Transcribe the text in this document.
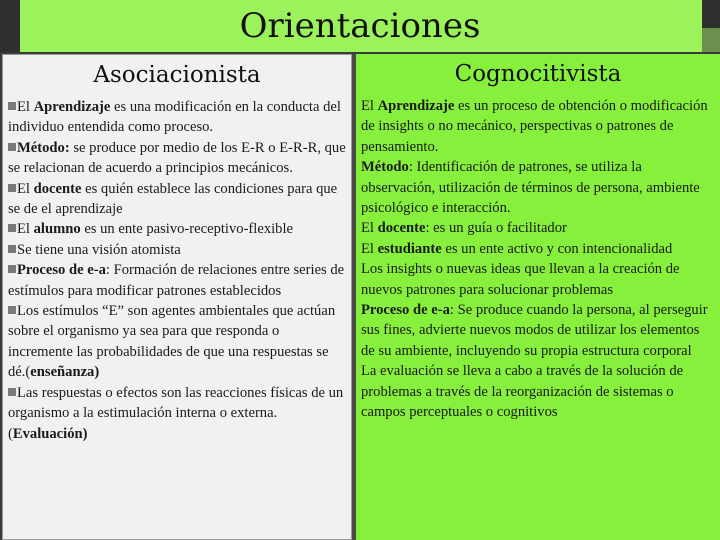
Orientaciones
Asociacionista

El Aprendizaje es una modificación en la conducta del individuo entendida como proceso.

Método: se produce por medio de los E-R o E-R-R, que se relacionan de acuerdo a principios mecánicos.

El docente es quién establece las condiciones para que se de el aprendizaje

El alumno es un ente pasivo-receptivo-flexible

Se tiene una visión atomista

Proceso de e-a: Formación de relaciones entre series de estímulos para modificar patrones establecidos

Los estímulos “E” son agentes ambientales que actúan sobre el organismo ya sea para que responda o incremente las probabilidades de que una respuestas se dé.(enseñanza)

Las respuestas o efectos son las reacciones físicas de un organismo a la estimulación interna o externa.(Evaluación)

Cognocitivista

El Aprendizaje es un proceso de obtención o modificación de insights o no mecánico, perspectivas o patrones de pensamiento.

Método: Identificación de patrones, se utiliza la observación, utilización de términos de persona, ambiente psicológico e interacción.

El docente: es un guía o facilitador

El estudiante es un ente activo y con intencionalidad

Los insights o nuevas ideas que llevan a la creación de nuevos patrones para solucionar problemas

Proceso de e-a: Se produce cuando la persona, al perseguir sus fines, advierte nuevos modos de utilizar los elementos de su ambiente, incluyendo su propia estructura corporal

La evaluación se lleva a cabo a través de la solución de problemas a través de la reorganización de sistemas o campos perceptuales o cognitivos
